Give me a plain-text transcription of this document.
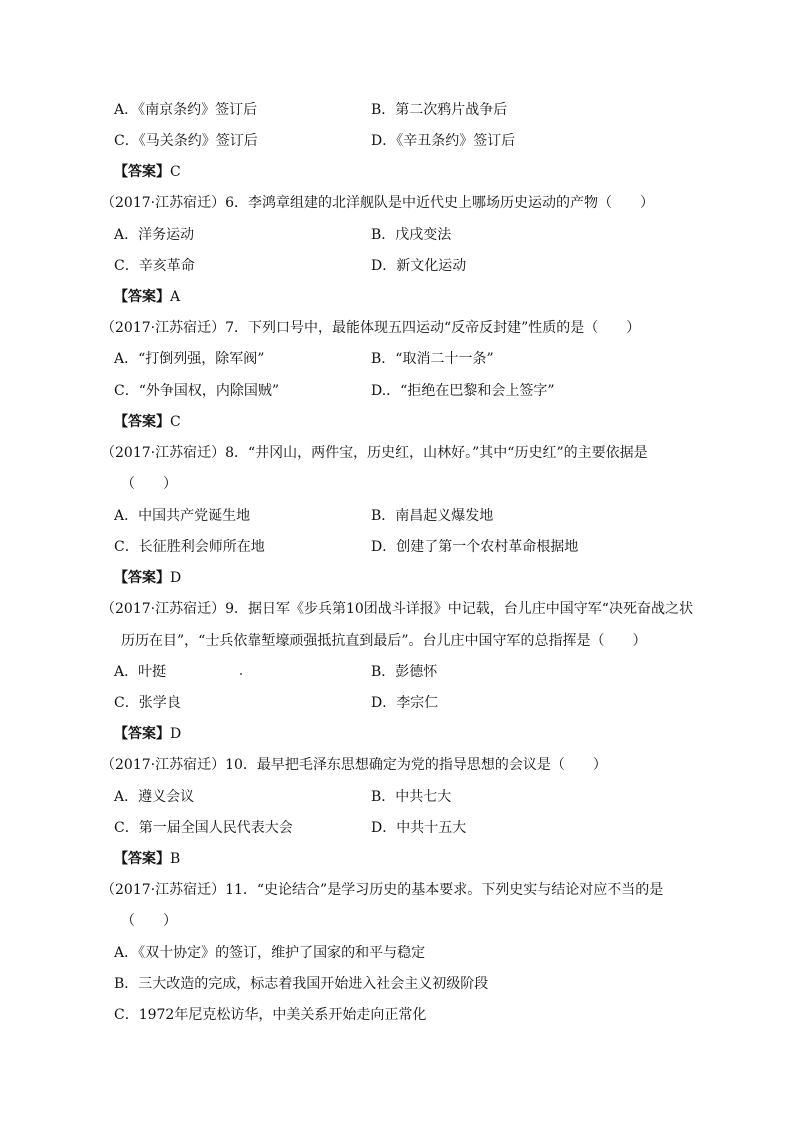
A．《南京条约》签订后	B．第二次鸦片战争后
C．《马关条约》签订后	D．《辛丑条约》签订后
【答案】C
（2017·江苏宿迁）6．李鸿章组建的北洋舰队是中近代史上哪场历史运动的产物（　　）
A．洋务运动	B．戊戌变法
C．辛亥革命	D．新文化运动
【答案】A
（2017·江苏宿迁）7．下列口号中，最能体现五四运动“反帝反封建”性质的是（　　）
A．“打倒列强，除军阀”	B．“取消二十一条”
C．“外争国权，内除国贼”	D.．“拒绝在巴黎和会上签字”
【答案】C
（2017·江苏宿迁）8．“井冈山，两件宝，历史红，山林好。”其中“历史红”的主要依据是
（　　）
A．中国共产党诞生地	B．南昌起义爆发地
C．长征胜利会师所在地	D．创建了第一个农村革命根据地
【答案】D
（2017·江苏宿迁）9．据日军《步兵第10团战斗详报》中记载，台儿庄中国守军“决死奋战之状
历历在目”，“士兵依靠堑壕顽强抵抗直到最后”。台儿庄中国守军的总指挥是（　　）
A．叶挺	B．彭德怀
C．张学良	D．李宗仁
【答案】D
（2017·江苏宿迁）10．最早把毛泽东思想确定为党的指导思想的会议是（　　）
A．遵义会议	B．中共七大
C．第一届全国人民代表大会	D．中共十五大
【答案】B
（2017·江苏宿迁）11．“史论结合”是学习历史的基本要求。下列史实与结论对应不当的是
（　　）
A．《双十协定》的签订，维护了国家的和平与稳定
B．三大改造的完成，标志着我国开始进入社会主义初级阶段
C．1972年尼克松访华，中美关系开始走向正常化
